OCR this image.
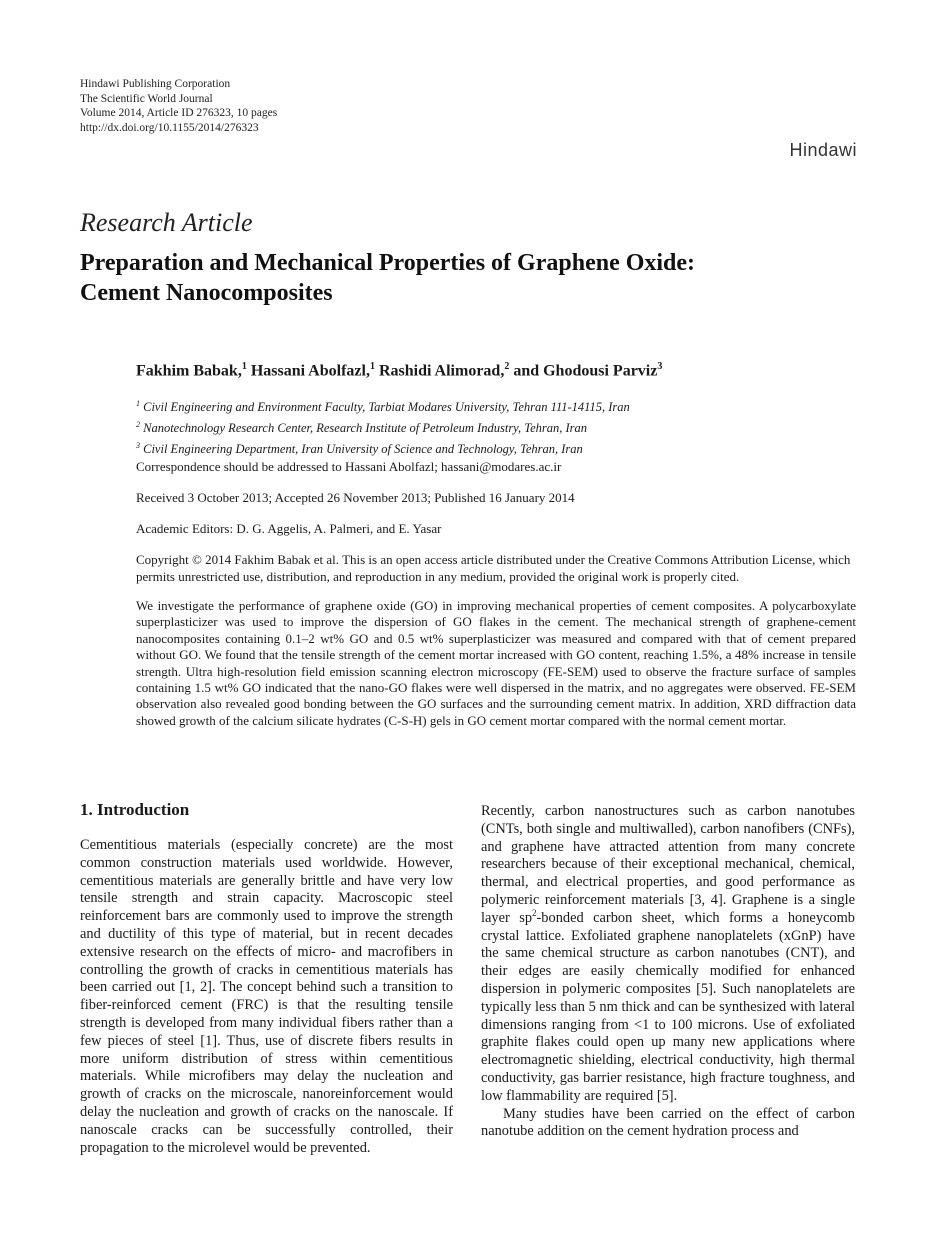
Hindawi Publishing Corporation
The Scientific World Journal
Volume 2014, Article ID 276323, 10 pages
http://dx.doi.org/10.1155/2014/276323
Hindawi
Research Article
Preparation and Mechanical Properties of Graphene Oxide:
Cement Nanocomposites
Fakhim Babak,$^1$ Hassani Abolfazl,$^1$ Rashidi Alimorad,$^2$ and Ghodousi Parviz$^3$
$^1$ Civil Engineering and Environment Faculty, Tarbiat Modares University, Tehran 111-14115, Iran
$^2$ Nanotechnology Research Center, Research Institute of Petroleum Industry, Tehran, Iran
$^3$ Civil Engineering Department, Iran University of Science and Technology, Tehran, Iran
Correspondence should be addressed to Hassani Abolfazl; hassani@modares.ac.ir
Received 3 October 2013; Accepted 26 November 2013; Published 16 January 2014
Academic Editors: D. G. Aggelis, A. Palmeri, and E. Yasar
Copyright © 2014 Fakhim Babak et al. This is an open access article distributed under the Creative Commons Attribution License, which permits unrestricted use, distribution, and reproduction in any medium, provided the original work is properly cited.
We investigate the performance of graphene oxide (GO) in improving mechanical properties of cement composites. A polycarboxylate superplasticizer was used to improve the dispersion of GO flakes in the cement. The mechanical strength of graphene-cement nanocomposites containing 0.1–2 wt% GO and 0.5 wt% superplasticizer was measured and compared with that of cement prepared without GO. We found that the tensile strength of the cement mortar increased with GO content, reaching 1.5%, a 48% increase in tensile strength. Ultra high-resolution field emission scanning electron microscopy (FE-SEM) used to observe the fracture surface of samples containing 1.5 wt% GO indicated that the nano-GO flakes were well dispersed in the matrix, and no aggregates were observed. FE-SEM observation also revealed good bonding between the GO surfaces and the surrounding cement matrix. In addition, XRD diffraction data showed growth of the calcium silicate hydrates (C-S-H) gels in GO cement mortar compared with the normal cement mortar.
1. Introduction

Cementitious materials (especially concrete) are the most common construction materials used worldwide. However, cementitious materials are generally brittle and have very low tensile strength and strain capacity. Macroscopic steel reinforcement bars are commonly used to improve the strength and ductility of this type of material, but in recent decades extensive research on the effects of micro- and macrofibers in controlling the growth of cracks in cementitious materials has been carried out [1, 2]. The concept behind such a transition to fiber-reinforced cement (FRC) is that the resulting tensile strength is developed from many individual fibers rather than a few pieces of steel [1]. Thus, use of discrete fibers results in more uniform distribution of stress within cementitious materials. While microfibers may delay the nucleation and growth of cracks on the microscale, nanoreinforcement would delay the nucleation and growth of cracks on the nanoscale. If nanoscale cracks can be successfully controlled, their propagation to the microlevel would be prevented.

Recently, carbon nanostructures such as carbon nanotubes (CNTs, both single and multiwalled), carbon nanofibers (CNFs), and graphene have attracted attention from many concrete researchers because of their exceptional mechanical, chemical, thermal, and electrical properties, and good performance as polymeric reinforcement materials [3, 4]. Graphene is a single layer $sp^2$-bonded carbon sheet, which forms a honeycomb crystal lattice. Exfoliated graphene nanoplatelets (xGnP) have the same chemical structure as carbon nanotubes (CNT), and their edges are easily chemically modified for enhanced dispersion in polymeric composites [5]. Such nanoplatelets are typically less than 5 nm thick and can be synthesized with lateral dimensions ranging from <1 to 100 microns. Use of exfoliated graphite flakes could open up many new applications where electromagnetic shielding, electrical conductivity, high thermal conductivity, gas barrier resistance, high fracture toughness, and low flammability are required [5].

Many studies have been carried on the effect of carbon nanotube addition on the cement hydration process and
